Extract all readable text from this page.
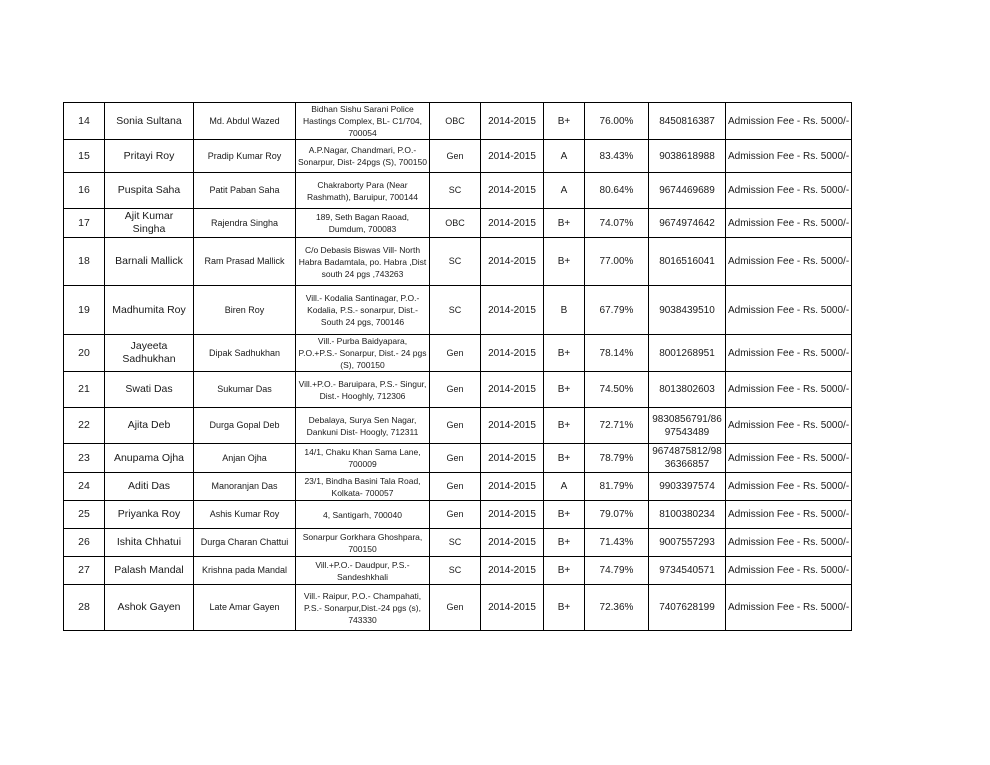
14	Sonia Sultana	Md. Abdul Wazed	Bidhan Sishu Sarani Police Hastings Complex, BL- C1/704, 700054	OBC	2014-2015	B+	76.00%	8450816387	Admission Fee - Rs. 5000/-
15	Pritayi Roy	Pradip Kumar Roy	A.P.Nagar, Chandmari, P.O.- Sonarpur, Dist- 24pgs (S), 700150	Gen	2014-2015	A	83.43%	9038618988	Admission Fee - Rs. 5000/-
16	Puspita Saha	Patit Paban Saha	Chakraborty Para (Near Rashmath), Baruipur, 700144	SC	2014-2015	A	80.64%	9674469689	Admission Fee - Rs. 5000/-
17	Ajit Kumar Singha	Rajendra Singha	189, Seth Bagan Raoad, Dumdum, 700083	OBC	2014-2015	B+	74.07%	9674974642	Admission Fee - Rs. 5000/-
18	Barnali Mallick	Ram Prasad Mallick	C/o Debasis Biswas Vill- North Habra Badamtala, po. Habra ,Dist south 24 pgs ,743263	SC	2014-2015	B+	77.00%	8016516041	Admission Fee - Rs. 5000/-
19	Madhumita Roy	Biren Roy	Vill.- Kodalia Santinagar, P.O.- Kodalia, P.S.- sonarpur, Dist.- South 24 pgs, 700146	SC	2014-2015	B	67.79%	9038439510	Admission Fee - Rs. 5000/-
20	Jayeeta Sadhukhan	Dipak Sadhukhan	Vill.- Purba Baidyapara, P.O.+P.S.- Sonarpur, Dist.- 24 pgs (S), 700150	Gen	2014-2015	B+	78.14%	8001268951	Admission Fee - Rs. 5000/-
21	Swati Das	Sukumar Das	Vill.+P.O.- Baruipara, P.S.- Singur, Dist.- Hooghly, 712306	Gen	2014-2015	B+	74.50%	8013802603	Admission Fee - Rs. 5000/-
22	Ajita Deb	Durga Gopal Deb	Debalaya, Surya Sen Nagar, Dankuni Dist- Hoogly, 712311	Gen	2014-2015	B+	72.71%	9830856791/8697543489	Admission Fee - Rs. 5000/-
23	Anupama Ojha	Anjan Ojha	14/1, Chaku Khan Sama Lane, 700009	Gen	2014-2015	B+	78.79%	9674875812/9836366857	Admission Fee - Rs. 5000/-
24	Aditi Das	Manoranjan Das	23/1, Bindha Basini Tala Road, Kolkata- 700057	Gen	2014-2015	A	81.79%	9903397574	Admission Fee - Rs. 5000/-
25	Priyanka Roy	Ashis Kumar Roy	4, Santigarh, 700040	Gen	2014-2015	B+	79.07%	8100380234	Admission Fee - Rs. 5000/-
26	Ishita Chhatui	Durga Charan Chattui	Sonarpur Gorkhara Ghoshpara, 700150	SC	2014-2015	B+	71.43%	9007557293	Admission Fee - Rs. 5000/-
27	Palash Mandal	Krishna pada Mandal	Vill.+P.O.- Daudpur, P.S.- Sandeshkhali	SC	2014-2015	B+	74.79%	9734540571	Admission Fee - Rs. 5000/-
28	Ashok Gayen	Late Amar Gayen	Vill.- Raipur, P.O.- Champahati, P.S.- Sonarpur,Dist.-24 pgs (s), 743330	Gen	2014-2015	B+	72.36%	7407628199	Admission Fee - Rs. 5000/-
